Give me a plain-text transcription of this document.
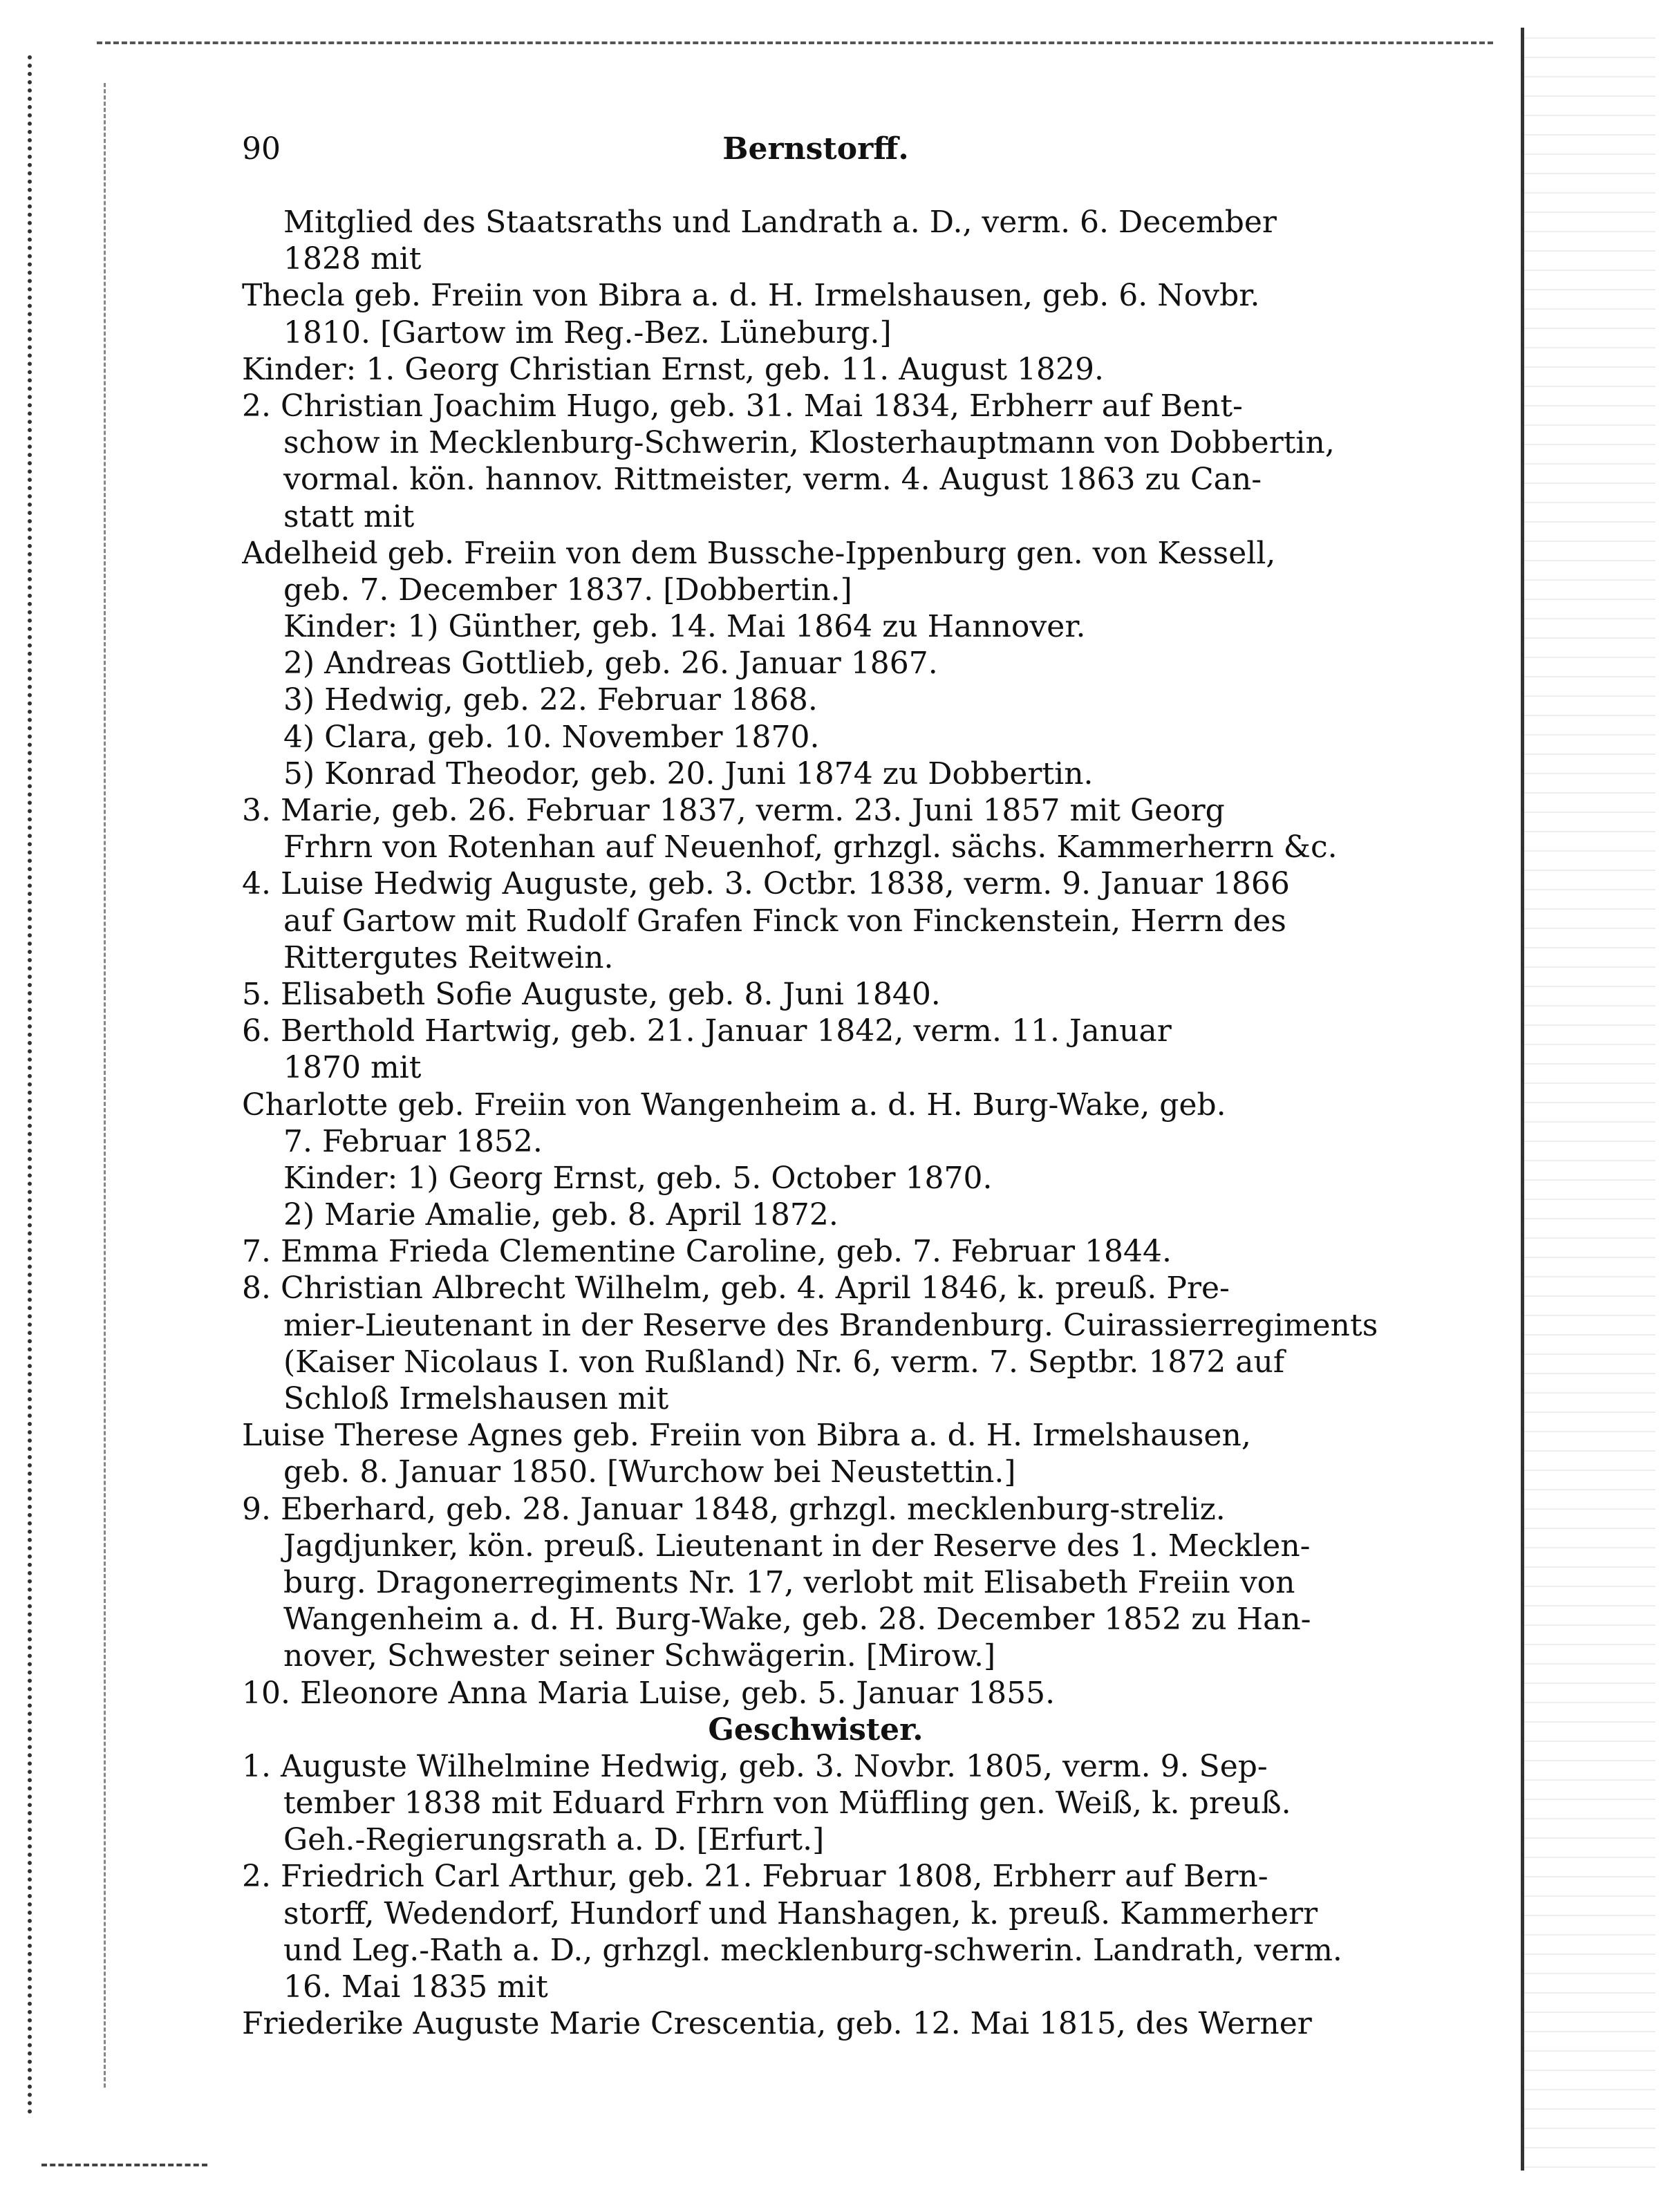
90	Bernstorff.
Mitglied des Staatsraths und Landrath a. D., verm. 6. December
1828 mit
Thecla geb. Freiin von Bibra a. d. H. Irmelshausen, geb. 6. Novbr.
1810. [Gartow im Reg.-Bez. Lüneburg.]
Kinder: 1. Georg Christian Ernst, geb. 11. August 1829.
2. Christian Joachim Hugo, geb. 31. Mai 1834, Erbherr auf Bent-
schow in Mecklenburg-Schwerin, Klosterhauptmann von Dobbertin,
vormal. kön. hannov. Rittmeister, verm. 4. August 1863 zu Can-
statt mit
Adelheid geb. Freiin von dem Bussche-Ippenburg gen. von Kessell,
geb. 7. December 1837. [Dobbertin.]
Kinder: 1) Günther, geb. 14. Mai 1864 zu Hannover.
2) Andreas Gottlieb, geb. 26. Januar 1867.
3) Hedwig, geb. 22. Februar 1868.
4) Clara, geb. 10. November 1870.
5) Konrad Theodor, geb. 20. Juni 1874 zu Dobbertin.
3. Marie, geb. 26. Februar 1837, verm. 23. Juni 1857 mit Georg
Frhrn von Rotenhan auf Neuenhof, grhzgl. sächs. Kammerherrn &c.
4. Luise Hedwig Auguste, geb. 3. Octbr. 1838, verm. 9. Januar 1866
auf Gartow mit Rudolf Grafen Finck von Finckenstein, Herrn des
Rittergutes Reitwein.
5. Elisabeth Sofie Auguste, geb. 8. Juni 1840.
6. Berthold Hartwig, geb. 21. Januar 1842, verm. 11. Januar
1870 mit
Charlotte geb. Freiin von Wangenheim a. d. H. Burg-Wake, geb.
7. Februar 1852.
Kinder: 1) Georg Ernst, geb. 5. October 1870.
2) Marie Amalie, geb. 8. April 1872.
7. Emma Frieda Clementine Caroline, geb. 7. Februar 1844.
8. Christian Albrecht Wilhelm, geb. 4. April 1846, k. preuß. Pre-
mier-Lieutenant in der Reserve des Brandenburg. Cuirassierregiments
(Kaiser Nicolaus I. von Rußland) Nr. 6, verm. 7. Septbr. 1872 auf
Schloß Irmelshausen mit
Luise Therese Agnes geb. Freiin von Bibra a. d. H. Irmelshausen,
geb. 8. Januar 1850. [Wurchow bei Neustettin.]
9. Eberhard, geb. 28. Januar 1848, grhzgl. mecklenburg-streliz.
Jagdjunker, kön. preuß. Lieutenant in der Reserve des 1. Mecklen-
burg. Dragonerregiments Nr. 17, verlobt mit Elisabeth Freiin von
Wangenheim a. d. H. Burg-Wake, geb. 28. December 1852 zu Han-
nover, Schwester seiner Schwägerin. [Mirow.]
10. Eleonore Anna Maria Luise, geb. 5. Januar 1855.
Geschwister.
1. Auguste Wilhelmine Hedwig, geb. 3. Novbr. 1805, verm. 9. Sep-
tember 1838 mit Eduard Frhrn von Müffling gen. Weiß, k. preuß.
Geh.-Regierungsrath a. D. [Erfurt.]
2. Friedrich Carl Arthur, geb. 21. Februar 1808, Erbherr auf Bern-
storff, Wedendorf, Hundorf und Hanshagen, k. preuß. Kammerherr
und Leg.-Rath a. D., grhzgl. mecklenburg-schwerin. Landrath, verm.
16. Mai 1835 mit
Friederike Auguste Marie Crescentia, geb. 12. Mai 1815, des Werner
